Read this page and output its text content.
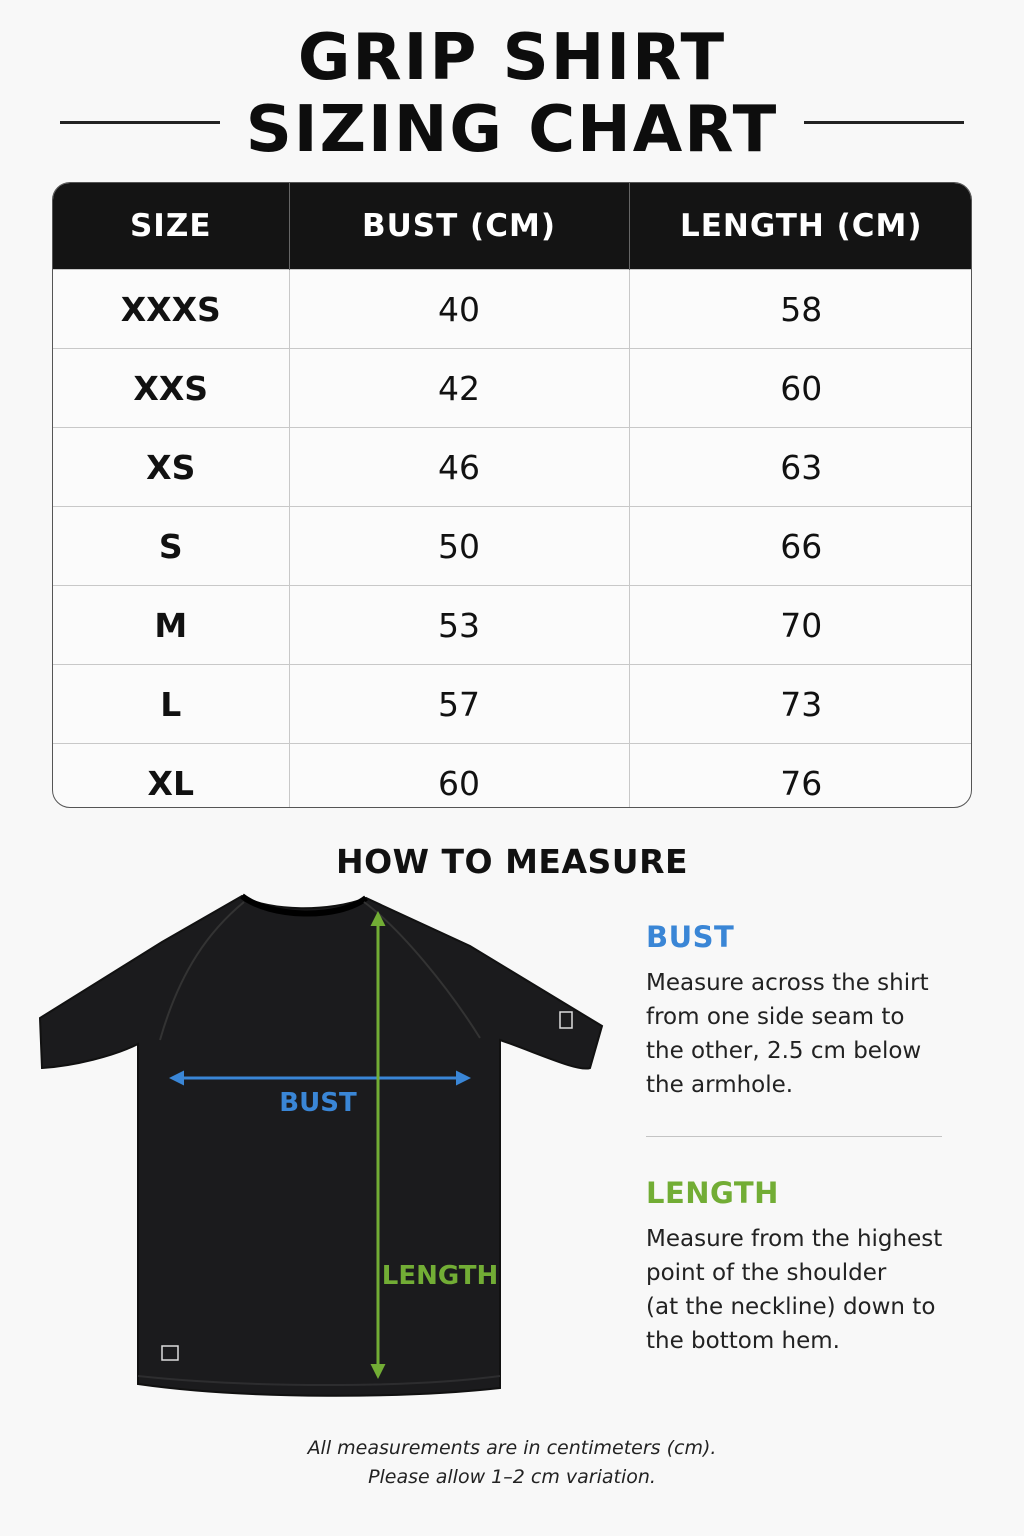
GRIP SHIRT
SIZING CHART
SIZE	BUST (CM)	LENGTH (CM)
XXXS	40	58
XXS	42	60
XS	46	63
S	50	66
M	53	70
L	57	73
XL	60	76
HOW TO MEASURE
BUST
LENGTH
BUST

Measure across the shirt
from one side seam to
the other, 2.5 cm below
the armhole.

LENGTH

Measure from the highest
point of the shoulder
(at the neckline) down to
the bottom hem.

All measurements are in centimeters (cm).
Please allow 1–2 cm variation.
